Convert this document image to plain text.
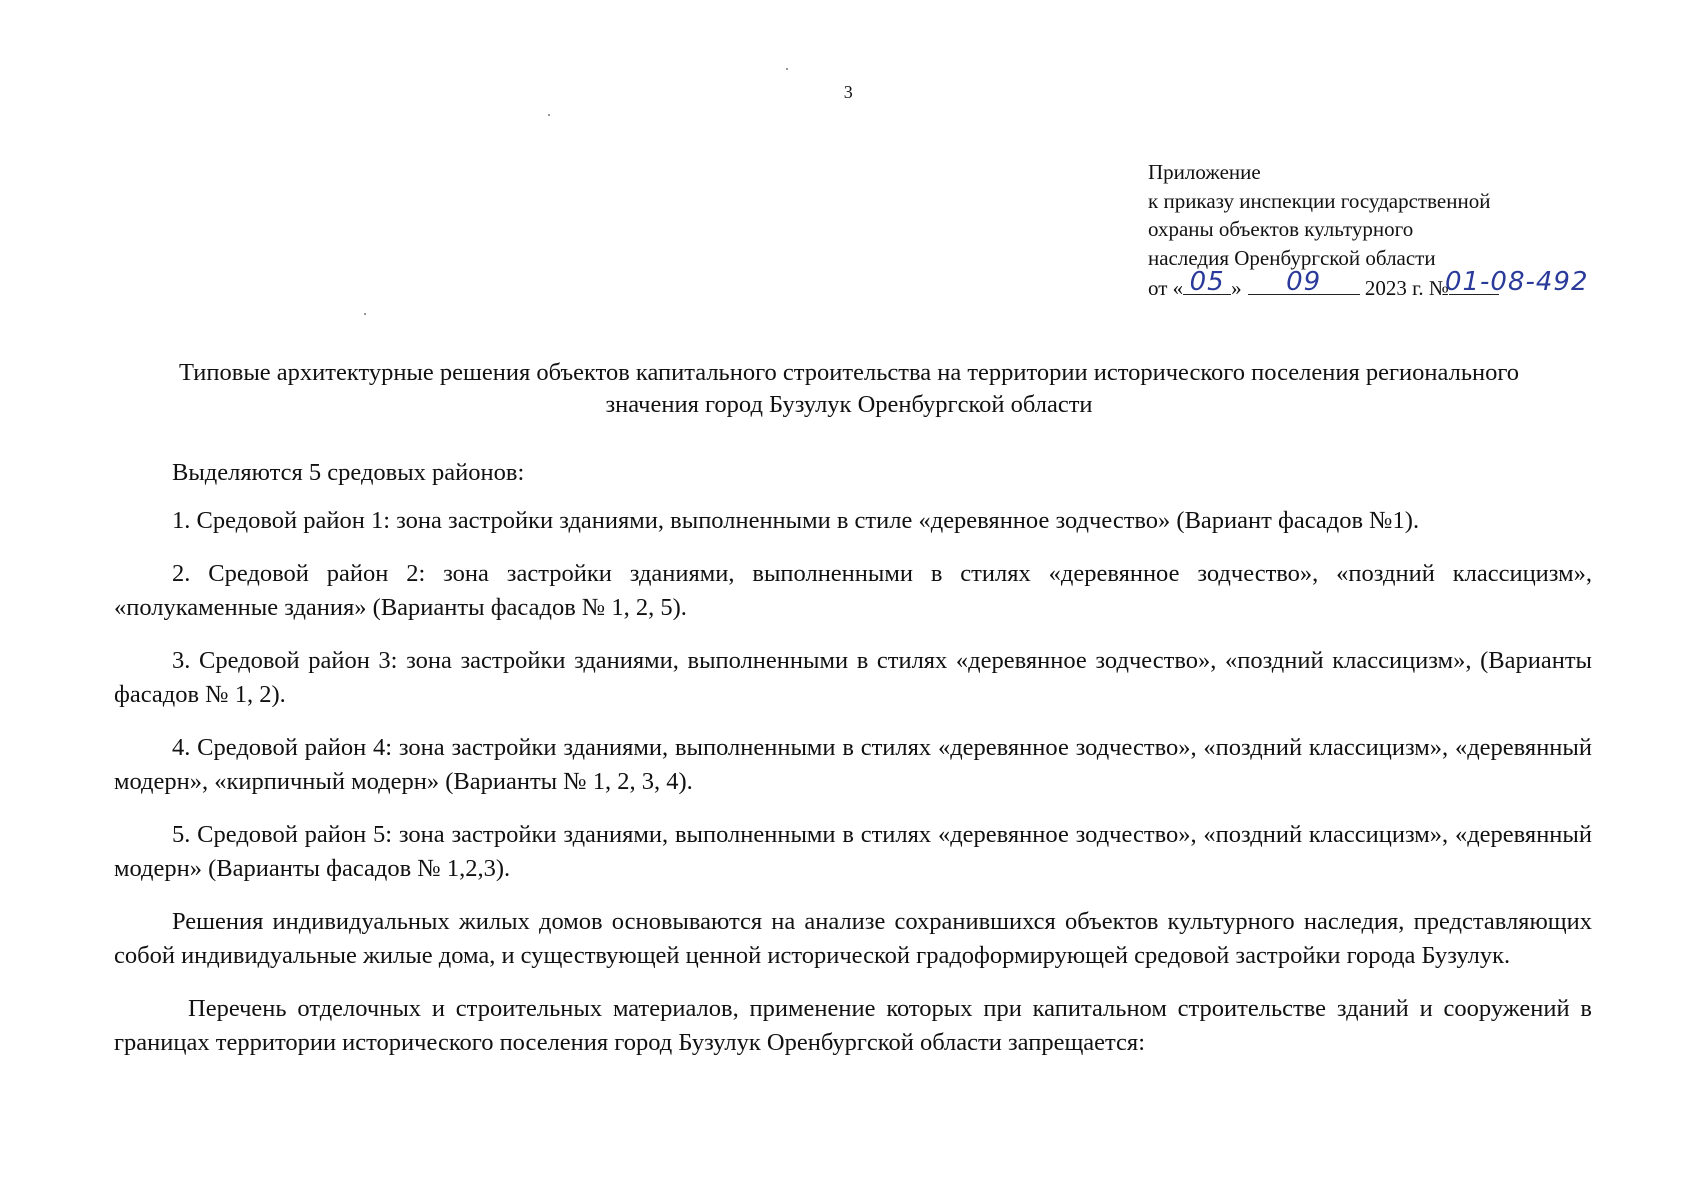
3
Приложение
к приказу инспекции государственной
охраны объектов культурного
наследия Оренбургской области
от « 05 »	09	2023 г. №
01-08-492
Типовые архитектурные решения объектов капитального строительства на территории исторического поселения регионального значения город Бузулук Оренбургской области

Выделяются 5 средовых районов:

1. Средовой район 1: зона застройки зданиями, выполненными в стиле «деревянное зодчество» (Вариант фасадов №1).

2. Средовой район 2: зона застройки зданиями, выполненными в стилях «деревянное зодчество», «поздний классицизм», «полукаменные здания» (Варианты фасадов № 1, 2, 5).

3. Средовой район 3: зона застройки зданиями, выполненными в стилях «деревянное зодчество», «поздний классицизм», (Варианты фасадов № 1, 2).

4. Средовой район 4: зона застройки зданиями, выполненными в стилях «деревянное зодчество», «поздний классицизм», «деревянный модерн», «кирпичный модерн» (Варианты № 1, 2, 3, 4).

5. Средовой район 5: зона застройки зданиями, выполненными в стилях «деревянное зодчество», «поздний классицизм», «деревянный модерн» (Варианты фасадов № 1,2,3).

Решения индивидуальных жилых домов основываются на анализе сохранившихся объектов культурного наследия, представляющих собой индивидуальные жилые дома, и существующей ценной исторической градоформирующей средовой застройки города Бузулук.

Перечень отделочных и строительных материалов, применение которых при капитальном строительстве зданий и сооружений в границах территории исторического поселения город Бузулук Оренбургской области запрещается:
